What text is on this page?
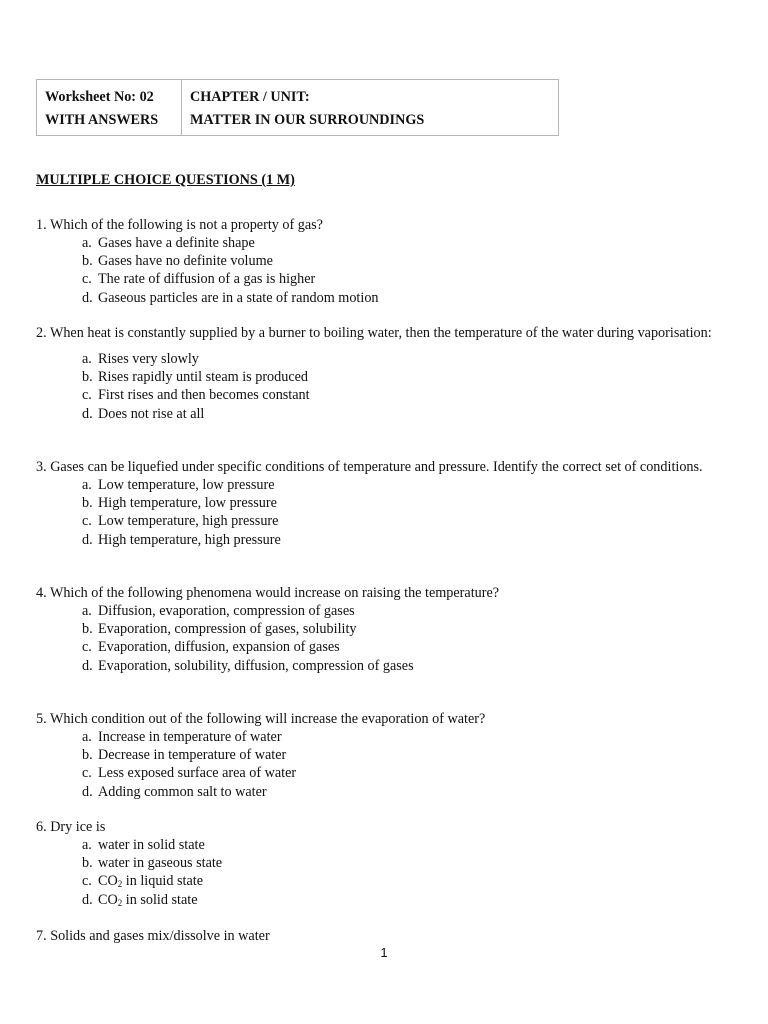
Worksheet No: 02
WITH ANSWERS
CHAPTER / UNIT:
MATTER IN OUR SURROUNDINGS
MULTIPLE CHOICE QUESTIONS (1 M)
1. Which of the following is not a property of gas?
a. Gases have a definite shape
b. Gases have no definite volume
c. The rate of diffusion of a gas is higher
d. Gaseous particles are in a state of random motion
2. When heat is constantly supplied by a burner to boiling water, then the temperature of the water during vaporisation:
a. Rises very slowly
b. Rises rapidly until steam is produced
c. First rises and then becomes constant
d. Does not rise at all
3. Gases can be liquefied under specific conditions of temperature and pressure. Identify the correct set of conditions.
a. Low temperature, low pressure
b. High temperature, low pressure
c. Low temperature, high pressure
d. High temperature, high pressure
4. Which of the following phenomena would increase on raising the temperature?
a. Diffusion, evaporation, compression of gases
b. Evaporation, compression of gases, solubility
c. Evaporation, diffusion, expansion of gases
d. Evaporation, solubility, diffusion, compression of gases
5. Which condition out of the following will increase the evaporation of water?
a. Increase in temperature of water
b. Decrease in temperature of water
c. Less exposed surface area of water
d. Adding common salt to water
6. Dry ice is
a. water in solid state
b. water in gaseous state
c. $CO_2$ in liquid state
d. $CO_2$ in solid state
7. Solids and gases mix/dissolve in water
1
